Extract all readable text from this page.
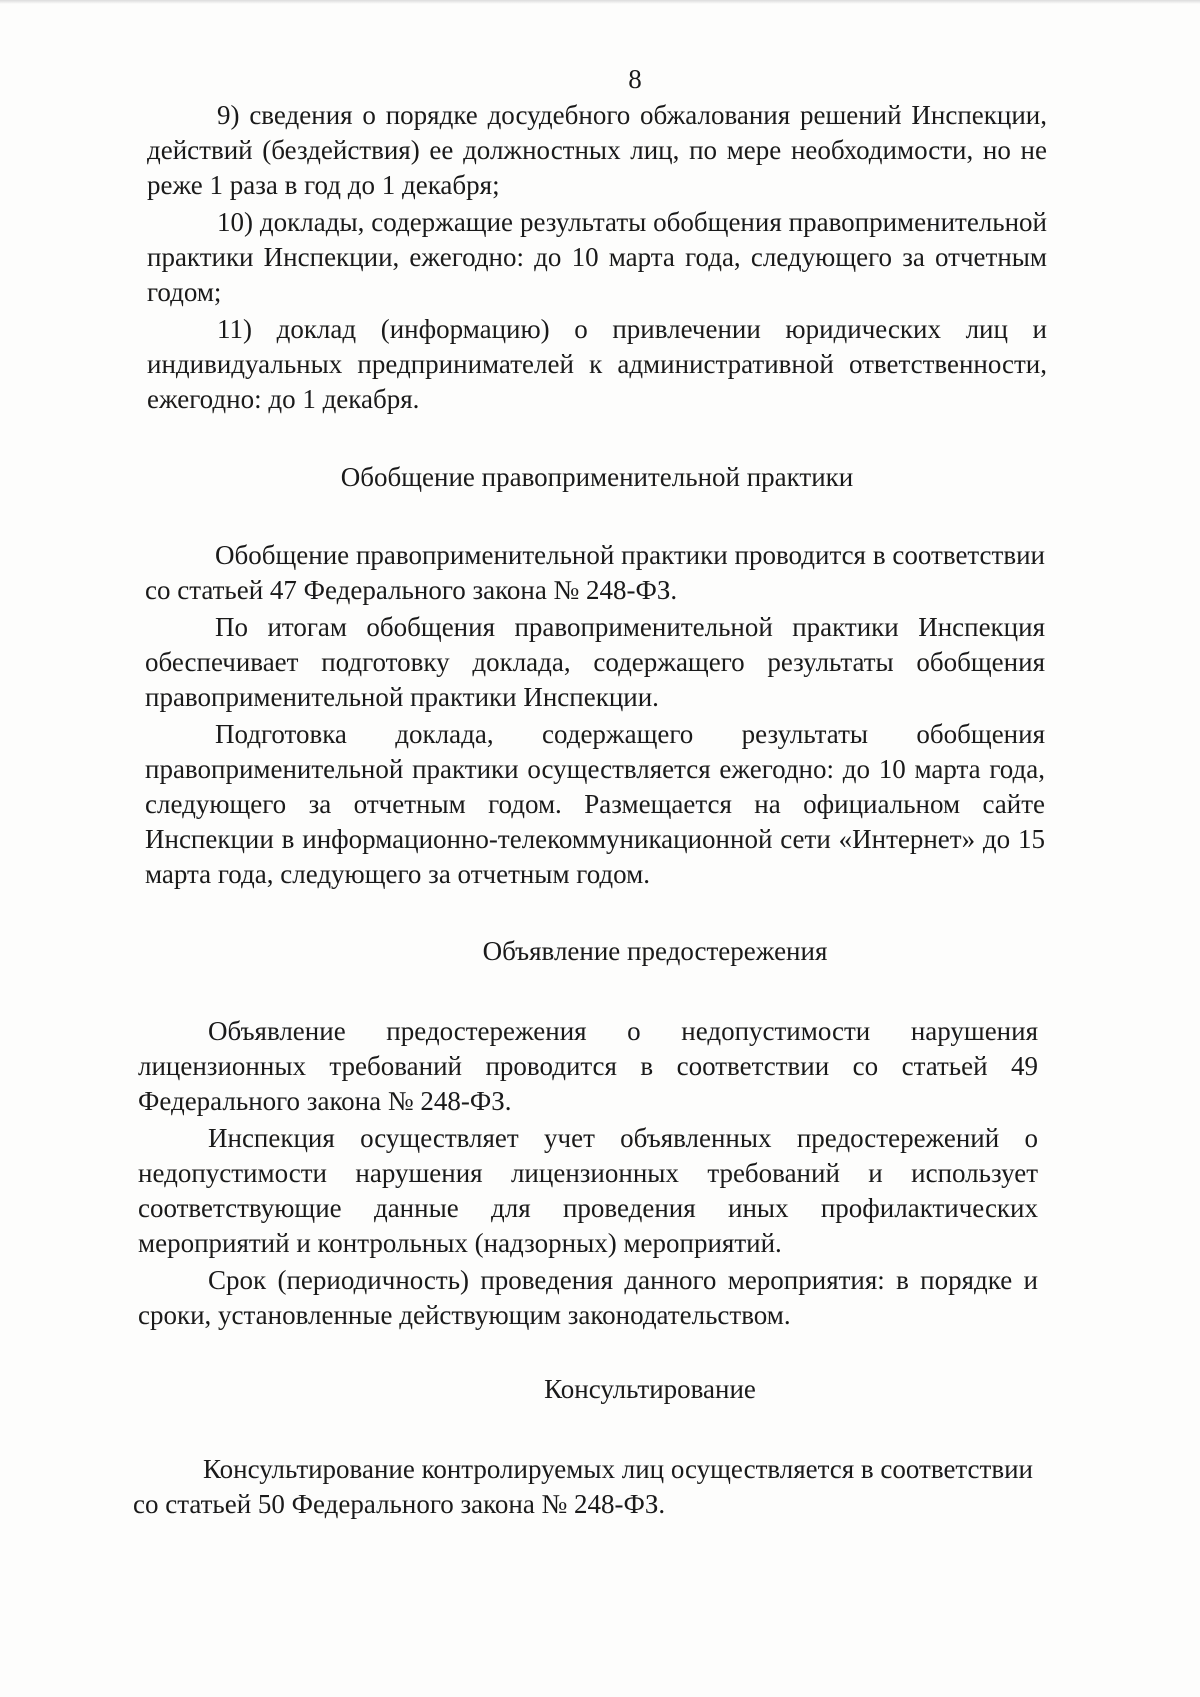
8

9) сведения о порядке досудебного обжалования решений Инспекции, действий (бездействия) ее должностных лиц, по мере необходимости, но не реже 1 раза в год до 1 декабря;

10) доклады, содержащие результаты обобщения правоприменительной практики Инспекции, ежегодно: до 10 марта года, следующего за отчетным годом;

11) доклад (информацию) о привлечении юридических лиц и индивидуальных предпринимателей к административной ответственности, ежегодно: до 1 декабря.

Обобщение правоприменительной практики

Обобщение правоприменительной практики проводится в соответствии со статьей 47 Федерального закона № 248-ФЗ.

По итогам обобщения правоприменительной практики Инспекция обеспечивает подготовку доклада, содержащего результаты обобщения правоприменительной практики Инспекции.

Подготовка доклада, содержащего результаты обобщения правоприменительной практики осуществляется ежегодно: до 10 марта года, следующего за отчетным годом. Размещается на официальном сайте Инспекции в информационно-телекоммуникационной сети «Интернет» до 15 марта года, следующего за отчетным годом.

Объявление предостережения

Объявление предостережения о недопустимости нарушения лицензионных требований проводится в соответствии со статьей 49 Федерального закона № 248-ФЗ.

Инспекция осуществляет учет объявленных предостережений о недопустимости нарушения лицензионных требований и использует соответствующие данные для проведения иных профилактических мероприятий и контрольных (надзорных) мероприятий.

Срок (периодичность) проведения данного мероприятия: в порядке и сроки, установленные действующим законодательством.

Консультирование

Консультирование контролируемых лиц осуществляется в соответствии со статьей 50 Федерального закона № 248-ФЗ.
